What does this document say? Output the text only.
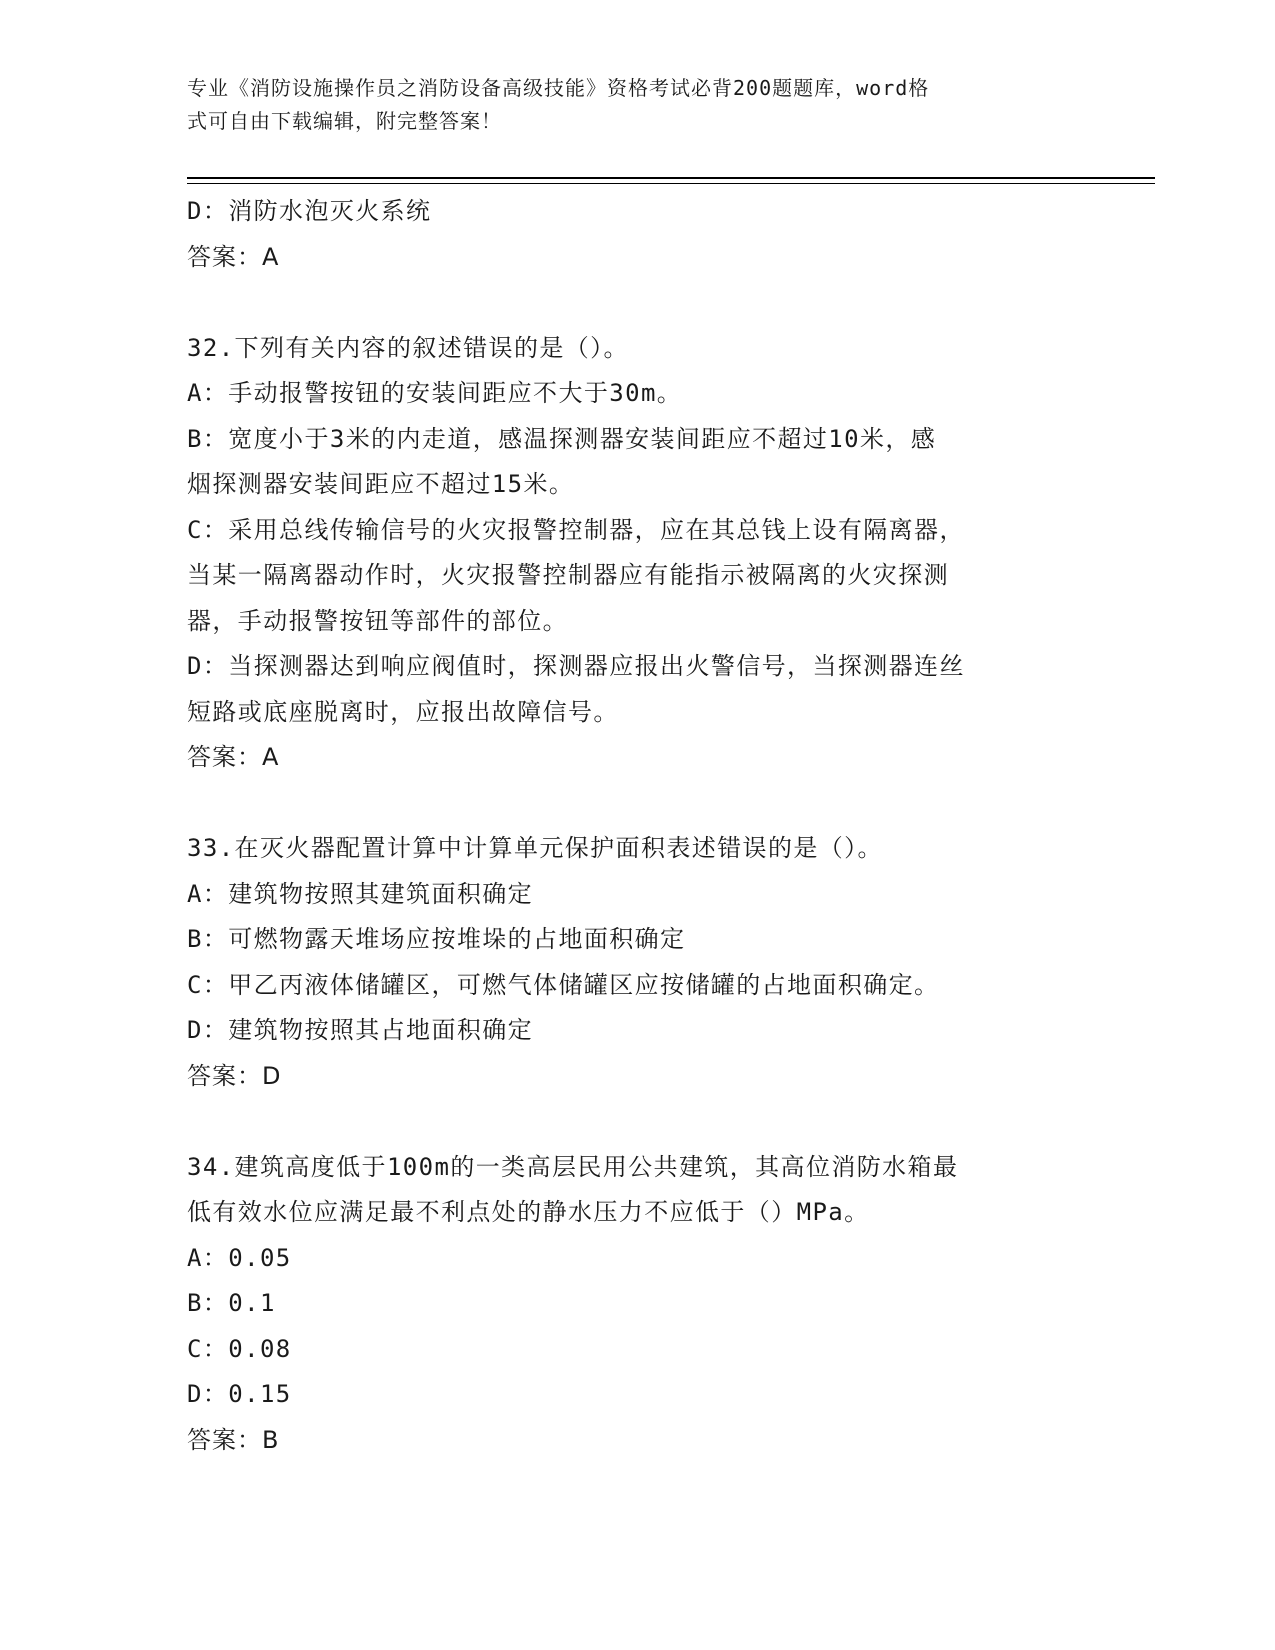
专业《消防设施操作员之消防设备高级技能》资格考试必背200题题库，word格
式可自由下载编辑，附完整答案！
D：消防水泡灭火系统
答案：A
32.下列有关内容的叙述错误的是（）。
A：手动报警按钮的安装间距应不大于30m。
B：宽度小于3米的内走道，感温探测器安装间距应不超过10米，感
烟探测器安装间距应不超过15米。
C：采用总线传输信号的火灾报警控制器，应在其总钱上设有隔离器，
当某一隔离器动作时，火灾报警控制器应有能指示被隔离的火灾探测
器，手动报警按钮等部件的部位。
D：当探测器达到响应阀值时，探测器应报出火警信号，当探测器连丝
短路或底座脱离时，应报出故障信号。
答案：A
33.在灭火器配置计算中计算单元保护面积表述错误的是（）。
A：建筑物按照其建筑面积确定
B：可燃物露天堆场应按堆垛的占地面积确定
C：甲乙丙液体储罐区，可燃气体储罐区应按储罐的占地面积确定。
D：建筑物按照其占地面积确定
答案：D
34.建筑高度低于100m的一类高层民用公共建筑，其高位消防水箱最
低有效水位应满足最不利点处的静水压力不应低于（）MPa。
A：0.05
B：0.1
C：0.08
D：0.15
答案：B
